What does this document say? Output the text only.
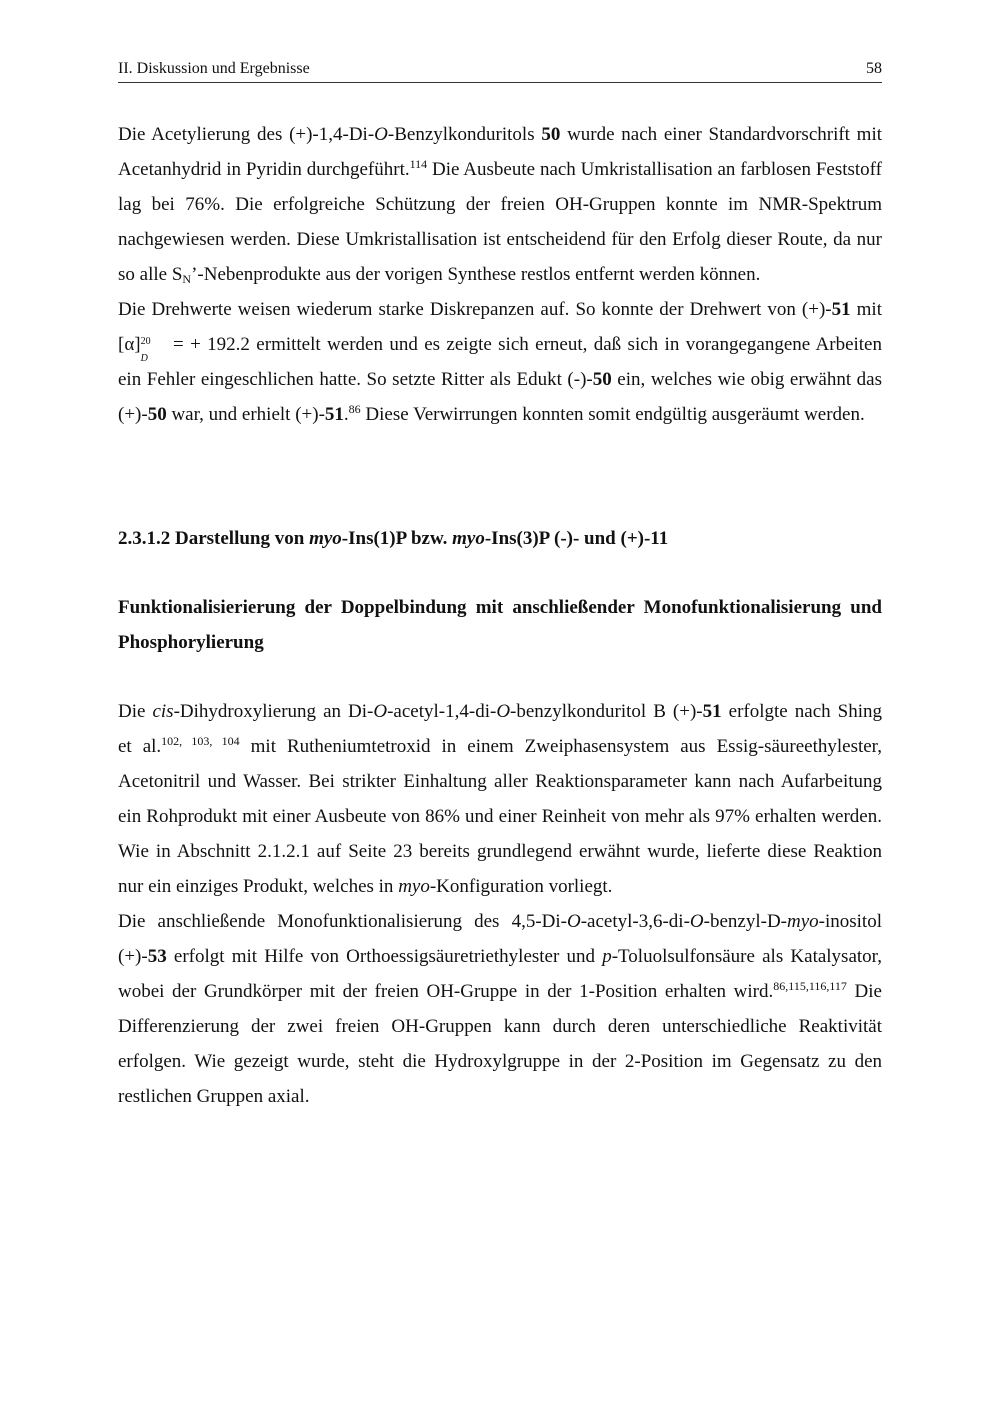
II. Diskussion und Ergebnisse	58

Die Acetylierung des (+)-1,4-Di-O-Benzylkonduritols 50 wurde nach einer Standardvorschrift mit Acetanhydrid in Pyridin durchgeführt.$^{114}$ Die Ausbeute nach Umkristallisation an farblosen Feststoff lag bei 76%. Die erfolgreiche Schützung der freien OH-Gruppen konnte im NMR-Spektrum nachgewiesen werden. Diese Umkristallisation ist entscheidend für den Erfolg dieser Route, da nur so alle $S_N$’-Nebenprodukte aus der vorigen Synthese restlos entfernt werden können.

Die Drehwerte weisen wiederum starke Diskrepanzen auf. So konnte der Drehwert von (+)-51 mit [α] 20
D
= + 192.2 ermittelt werden und es zeigte sich erneut, daß sich in vorangegangene Arbeiten ein Fehler eingeschlichen hatte. So setzte Ritter als Edukt (-)-50 ein, welches wie obig erwähnt das (+)-50 war, und erhielt (+)-51.86 Diese Verwirrungen konnten somit endgültig ausgeräumt werden.

2.3.1.2 Darstellung von myo-Ins(1)P bzw. myo-Ins(3)P (-)- und (+)-11
Funktionalisierierung der Doppelbindung mit anschließender Monofunktionalisierung und Phosphorylierung

Die cis-Dihydroxylierung an Di-O-acetyl-1,4-di-O-benzylkonduritol B (+)-51 erfolgte nach Shing et al.$^{102, 103, 104}$ mit Rutheniumtetroxid in einem Zweiphasensystem aus Essig-säureethylester, Acetonitril und Wasser. Bei strikter Einhaltung aller Reaktionsparameter kann nach Aufarbeitung ein Rohprodukt mit einer Ausbeute von 86% und einer Reinheit von mehr als 97% erhalten werden. Wie in Abschnitt 2.1.2.1 auf Seite 23 bereits grundlegend erwähnt wurde, lieferte diese Reaktion nur ein einziges Produkt, welches in myo-Konfiguration vorliegt.

Die anschließende Monofunktionalisierung des 4,5-Di-O-acetyl-3,6-di-O-benzyl-D-myo-inositol (+)-53 erfolgt mit Hilfe von Orthoessigsäuretriethylester und p-Toluolsulfonsäure als Katalysator, wobei der Grundkörper mit der freien OH-Gruppe in der 1-Position erhalten wird.$^{86,115,116,117}$ Die Differenzierung der zwei freien OH-Gruppen kann durch deren unterschiedliche Reaktivität erfolgen. Wie gezeigt wurde, steht die Hydroxylgruppe in der 2-Position im Gegensatz zu den restlichen Gruppen axial.
